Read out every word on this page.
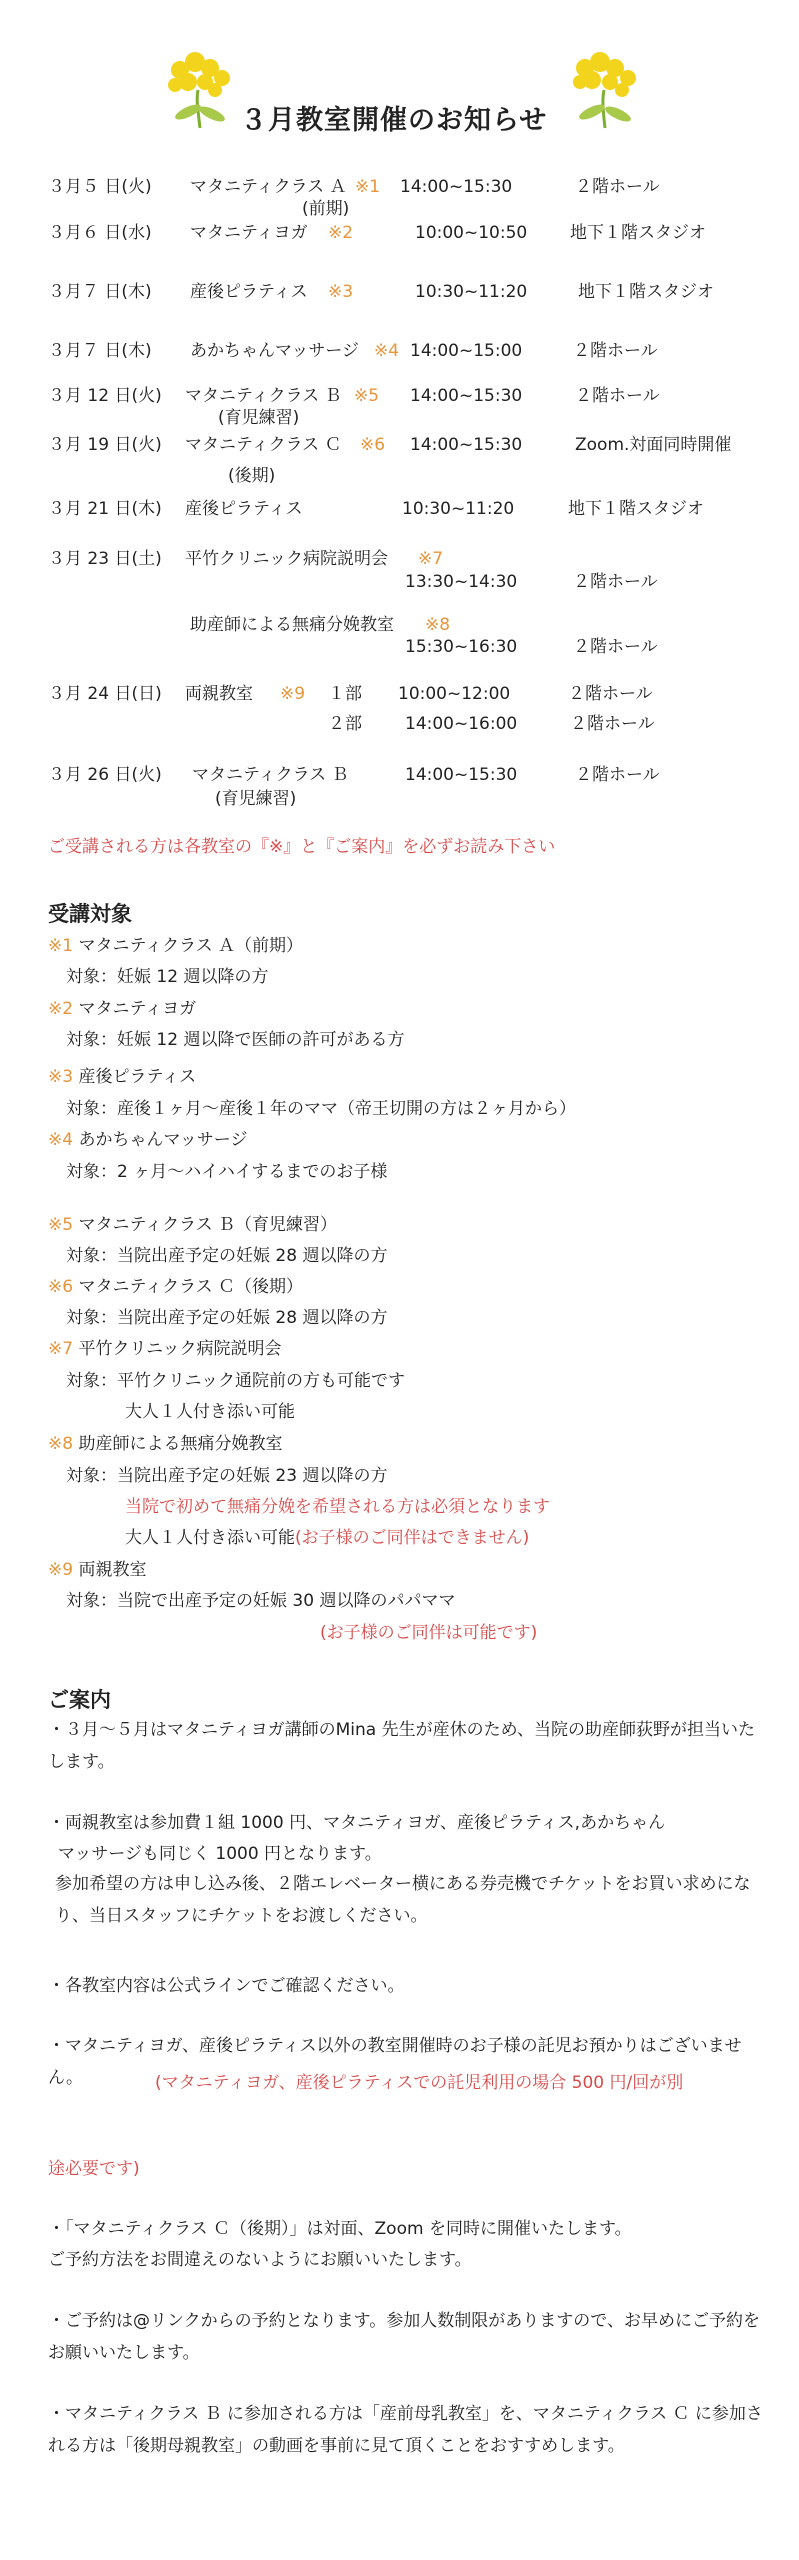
３月教室開催のお知らせ
３月５ 日(火) マタニティクラス Ａ ※1
(前期)
14:00~15:30	２階ホール
３月６ 日(水) マタニティヨガ ※2	10:00~10:50	地下１階スタジオ
３月７ 日(木) 産後ピラティス ※3	10:30~11:20	地下１階スタジオ
３月７ 日(木) あかちゃんマッサージ ※4 14:00~15:00	２階ホール
３月 12 日(火) マタニティクラス Ｂ ※5
(育児練習)
14:00~15:30	２階ホール
３月 19 日(火) マタニティクラス Ｃ ※6
(後期)
14:00~15:30	Zoom.対面同時開催
３月 21 日(木) 産後ピラティス	10:30~11:20	地下１階スタジオ
３月 23 日(土) 平竹クリニック病院説明会 ※7
13:30~14:30	２階ホール
助産師による無痛分娩教室 ※8
15:30~16:30	２階ホール
３月 24 日(日) 両親教室 ※9 １部 10:00~12:00	２階ホール
２部	14:00~16:00	２階ホール
３月 26 日(火) マタニティクラス Ｂ
(育児練習)
14:00~15:30	２階ホール
ご受講される方は各教室の『※』と『ご案内』を必ずお読み下さい
受講対象
※1 マタニティクラス Ａ（前期）
対象：妊娠 12 週以降の方
※2 マタニティヨガ
対象：妊娠 12 週以降で医師の許可がある方
※3 産後ピラティス
対象：産後１ヶ月～産後１年のママ（帝王切開の方は２ヶ月から）
※4 あかちゃんマッサージ
対象：2 ヶ月～ハイハイするまでのお子様
※5 マタニティクラス Ｂ（育児練習）
対象：当院出産予定の妊娠 28 週以降の方
※6 マタニティクラス Ｃ（後期）
対象：当院出産予定の妊娠 28 週以降の方
※7 平竹クリニック病院説明会
対象：平竹クリニック通院前の方も可能です
大人１人付き添い可能
※8 助産師による無痛分娩教室
対象：当院出産予定の妊娠 23 週以降の方
当院で初めて無痛分娩を希望される方は必須となります
大人１人付き添い可能(お子様のご同伴はできません)
※9 両親教室
対象：当院で出産予定の妊娠 30 週以降のパパママ
(お子様のご同伴は可能です)
ご案内
・３月～５月はマタニティヨガ講師のMina 先生が産休のため、当院の助産師荻野が担当いたします。
・両親教室は参加費１組 1000 円、マタニティヨガ、産後ピラティス,あかちゃん
マッサージも同じく 1000 円となります。
参加希望の方は申し込み後、２階エレベーター横にある券売機でチケットをお買い求めになり、当日スタッフにチケットをお渡しください。
・各教室内容は公式ラインでご確認ください。
・マタニティヨガ、産後ピラティス以外の教室開催時のお子様の託児お預かりはございません。	(マタニティヨガ、産後ピラティスでの託児利用の場合 500 円/回が別
途必要です)
・「マタニティクラス Ｃ（後期）」は対面、Zoom を同時に開催いたします。
ご予約方法をお間違えのないようにお願いいたします。
・ご予約は@リンクからの予約となります。参加人数制限がありますので、お早めにご予約をお願いいたします。
・マタニティクラス Ｂ に参加される方は「産前母乳教室」を、マタニティクラス Ｃ に参加される方は「後期母親教室」の動画を事前に見て頂くことをおすすめします。
